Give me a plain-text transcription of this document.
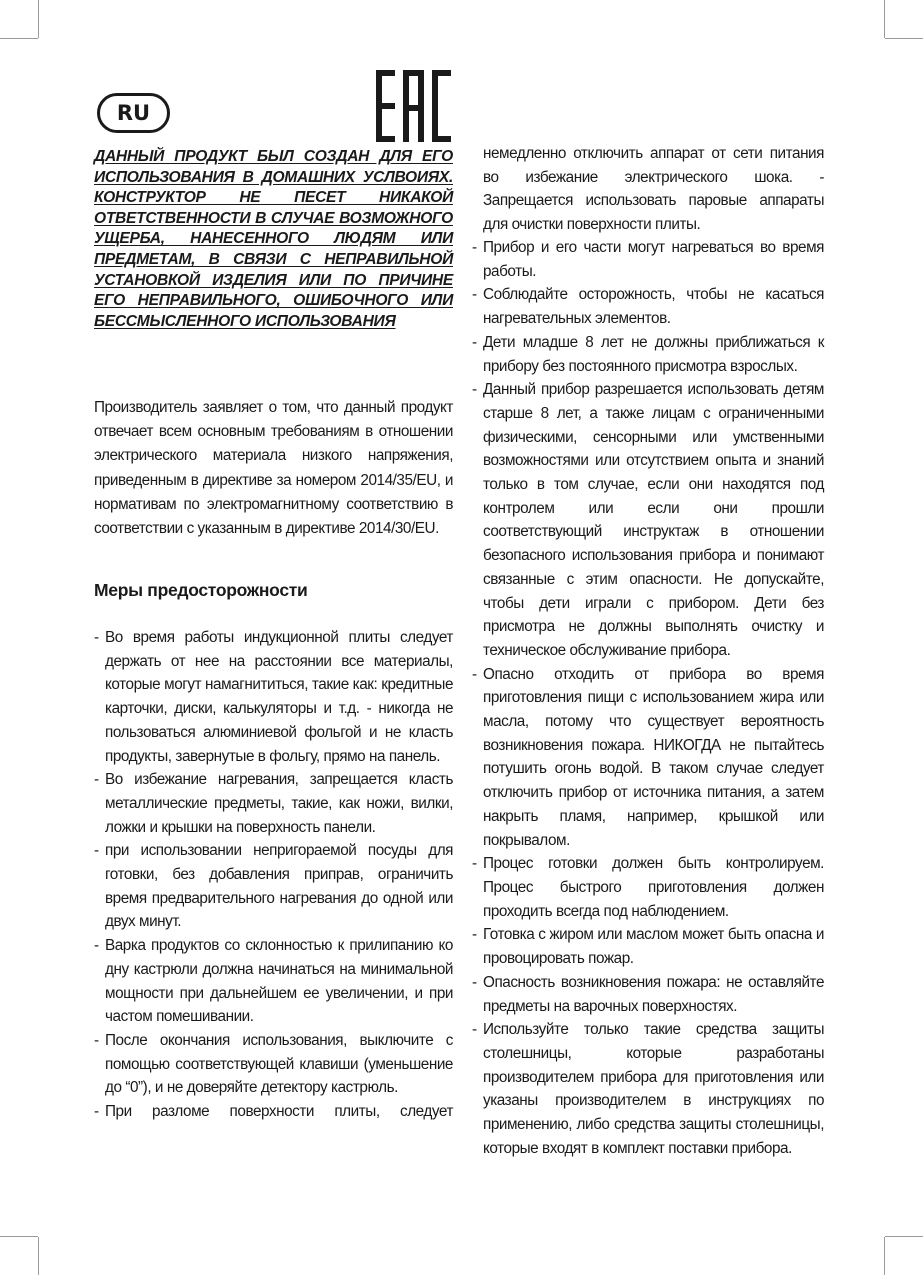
RU

ДАННЫЙ ПРОДУКТ БЫЛ СОЗДАН ДЛЯ ЕГО ИСПОЛЬЗОВАНИЯ В ДОМАШНИХ УСЛВОИЯХ. КОНСТРУКТОР НЕ ПЕСЕТ НИКАКОЙ ОТВЕТСТВЕННОСТИ В СЛУЧАЕ ВОЗМОЖНОГО УЩЕРБА, НАНЕСЕННОГО ЛЮДЯМ ИЛИ ПРЕДМЕТАМ, В СВЯЗИ С НЕПРАВИЛЬНОЙ УСТАНОВКОЙ ИЗДЕЛИЯ ИЛИ ПО ПРИЧИНЕ ЕГО НЕПРАВИЛЬНОГО, ОШИБОЧНОГО ИЛИ БЕССМЫСЛЕННОГО ИСПОЛЬЗОВАНИЯ

Производитель заявляет о том, что данный продукт отвечает всем основным требованиям в отношении электрического материала низкого напряжения, приведенным в директиве за номером 2014/35/EU, и нормативам по электромагнитному соответствию в соответствии с указанным в директиве 2014/30/EU.

Меры предосторожности
- Во время работы индукционной плиты следует держать от нее на расстоянии все материалы, которые могут намагнититься, такие как: кредитные карточки, диски, калькуляторы и т.д. - никогда не пользоваться алюминиевой фольгой и не класть продукты, завернутые в фольгу, прямо на панель.
- Во избежание нагревания, запрещается класть металлические предметы, такие, как ножи, вилки, ложки и крышки на поверхность панели.
- при использовании непригораемой посуды для готовки, без добавления приправ, ограничить время предварительного нагревания до одной или двух минут.
- Варка продуктов со склонностью к прилипанию ко дну кастрюли должна начинаться на минимальной мощности при дальнейшем ее увеличении, и при частом помешивании.
- После окончания использования, выключите с помощью соответствующей клавиши (уменьшение до “0”), и не доверяйте детектору кастрюль.
- При разломе поверхности плиты, следует

немедленно отключить аппарат от сети питания во избежание электрического шока. - Запрещается использовать паровые аппараты для очистки поверхности плиты.

- Прибор и его части могут нагреваться во время работы.
- Соблюдайте осторожность, чтобы не касаться нагревательных элементов.
- Дети младше 8 лет не должны приближаться к прибору без постоянного присмотра взрослых.
- Данный прибор разрешается использовать детям старше 8 лет, а также лицам с ограниченными физическими, сенсорными или умственными возможностями или отсутствием опыта и знаний только в том случае, если они находятся под контролем или если они прошли соответствующий инструктаж в отношении безопасного использования прибора и понимают связанные с этим опасности. Не допускайте, чтобы дети играли с прибором. Дети без присмотра не должны выполнять очистку и техническое обслуживание прибора.
- Опасно отходить от прибора во время приготовления пищи с использованием жира или масла, потому что существует вероятность возникновения пожара. НИКОГДА не пытайтесь потушить огонь водой. В таком случае следует отключить прибор от источника питания, а затем накрыть пламя, например, крышкой или покрывалом.
- Процес готовки должен быть контролируем. Процес быстрого приготовления должен проходить всегда под наблюдением.
- Готовка с жиром или маслом может быть опасна и провоцировать пожар.
- Опасность возникновения пожара: не оставляйте предметы на варочных поверхностях.
- Используйте только такие средства защиты столешницы, которые разработаны производителем прибора для приготовления или указаны производителем в инструкциях по применению, либо средства защиты столешницы, которые входят в комплект поставки прибора.
